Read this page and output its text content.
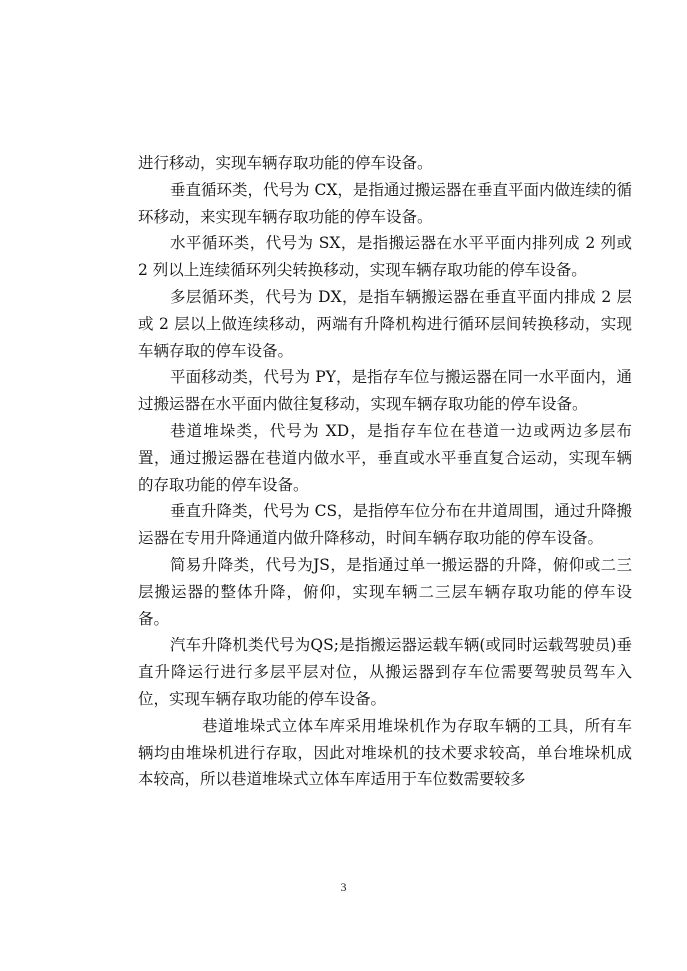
进行移动，实现车辆存取功能的停车设备。

垂直循环类，代号为 CX，是指通过搬运器在垂直平面内做连续的循环移动，来实现车辆存取功能的停车设备。

水平循环类，代号为 SX，是指搬运器在水平平面内排列成 2 列或 2 列以上连续循环列尖转换移动，实现车辆存取功能的停车设备。

多层循环类，代号为 DX，是指车辆搬运器在垂直平面内排成 2 层或 2 层以上做连续移动，两端有升降机构进行循环层间转换移动，实现车辆存取的停车设备。

平面移动类，代号为 PY，是指存车位与搬运器在同一水平面内，通过搬运器在水平面内做往复移动，实现车辆存取功能的停车设备。

巷道堆垛类，代号为 XD，是指存车位在巷道一边或两边多层布置，通过搬运器在巷道内做水平，垂直或水平垂直复合运动，实现车辆的存取功能的停车设备。

垂直升降类，代号为 CS，是指停车位分布在井道周围，通过升降搬运器在专用升降通道内做升降移动，时间车辆存取功能的停车设备。

简易升降类，代号为JS，是指通过单一搬运器的升降，俯仰或二三层搬运器的整体升降，俯仰，实现车辆二三层车辆存取功能的停车设备。

汽车升降机类代号为QS;是指搬运器运载车辆(或同时运载驾驶员)垂直升降运行进行多层平层对位，从搬运器到存车位需要驾驶员驾车入位，实现车辆存取功能的停车设备。

巷道堆垛式立体车库采用堆垛机作为存取车辆的工具，所有车辆均由堆垛机进行存取，因此对堆垛机的技术要求较高，单台堆垛机成本较高，所以巷道堆垛式立体车库适用于车位数需要较多

3
